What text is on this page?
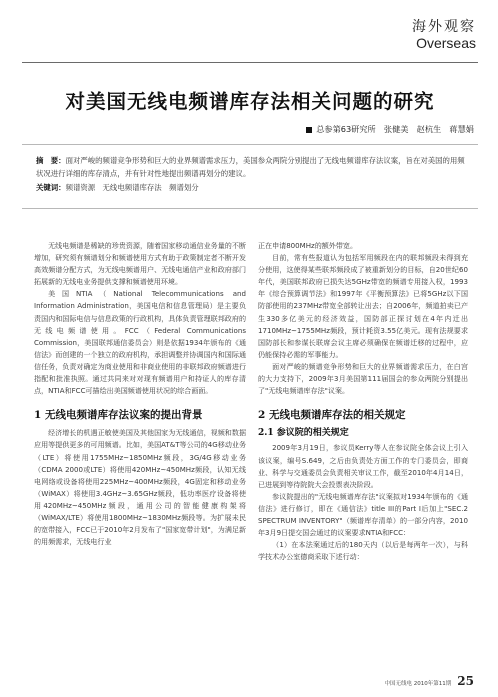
海外观察
Overseas
对美国无线电频谱库存法相关问题的研究
总参第63研究所　张健美　赵杭生　蒋慧娟
摘　要：面对严峻的频谱竞争形势和巨大的业界频谱需求压力，美国参众两院分别提出了无线电频谱库存法议案，旨在对美国的用频状况进行详细的库存清点，并有针对性地提出频谱再划分的建议。
关键词：频谱资源　无线电频谱库存法　频谱划分

无线电频谱是稀缺的珍贵资源，随着国家移动通信业务量的不断增加，研究须有频谱划分和频谱使用方式有助于政策制定者不断开发高效频谱分配方式，为无线电频谱用户、无线电通信产业和政府部门拓展新的无线电业务提供支撑和频谱使用环境。

美国NTIA（National Telecommunications and Information Administration，美国电信和信息管理局）是主要负责国内和国际电信与信息政策的行政机构，具体负责管理联邦政府的无线电频谱使用。FCC（Federal Communications Commission，美国联邦通信委员会）则是依据1934年颁布的《通信法》而创建的一个独立的政府机构，承担调整并协调国内和国际通信任务，负责对确定为商业使用和非商业使用的非联邦政府频谱进行指配和批准执照。通过共同来对对现有频谱用户和持证人的库存清点，NTIA和FCC可描绘出美国频谱使用状况的综合画面。

1 无线电频谱库存法议案的提出背景

经济增长的机遇正敏使美国及其他国家为无线通信，视频和数据应用等提供更多的可用频谱。比如，美国AT&T等公司的4G移动业务（LTE）将使用1755MHz~1850MHz频段，3G/4G移动业务（CDMA 2000或LTE）将使用420MHz~450MHz频段，认知无线电网络或设备将使用225MHz~400MHz频段，4G固定和移动业务（WiMAX）将使用3.4GHz~3.65GHz频段，低功率医疗设备将使用420MHz~450MHz频段，通用公司的智能健康构架将（WiMAX/LTE）将使用1800MHz~1830MHz频段等。为扩展未民的宽带接入，FCC已于2010年2月发布了"国家宽带计划"，为满足新的用频需求，无线电行业

正在申请800MHz的额外带宽。

目前，常有些报道认为包括军用频段在内的联邦频段未得到充分使用，这使得某些联邦频段成了被重新划分的目标，自20世纪60年代，美国联邦政府已损失达5GHz带宽的频谱专用接入权，1993年《综合预算调节法》和1997年《平衡预算法》已将5GHz以下国防部使用的237MHz带宽全部转让出去；自2006年，频道拍卖已产生330多亿美元的经济效益，国防部正探讨划在4年内迁出1710MHz~1755MHz频段，预计耗资3.55亿美元。现有法规要求国防部长和参谋长联席会议主席必须确保在频谱迁移的过程中，应仍能保持必需的军事能力。

面对严峻的频谱竞争形势和巨大的业界频谱需求压力，在白宫的大力支持下，2009年3月美国第111届国会的参众两院分别提出了"无线电频谱库存法"议案。

2 无线电频谱库存法的相关规定
2.1 参议院的相关规定

2009年3月19日，参议员Kerry等人在参议院全体会议上引入该议案，编号S.649，之后由负责处方面工作的专门委员会，即商业、科学与交通委员会负责相关审议工作，截至2010年4月14日，已进展到等待院院大会投票表决阶段。

参议院提出的"无线电频谱库存法"议案拟对1934年颁布的《通信法》进行修订，即在《通信法》title III的Part I后加上"SEC.2 SPECTRUM INVENTORY"（频谱库存清单）的一部分内容，2010年3月9日提交国会通过的议案要求NTIA和FCC：

（1）在本法案通过后的180天内（以后是每两年一次），与科学技术办公室德商采取下述行动：

中国无线电 2010年第11期 25
